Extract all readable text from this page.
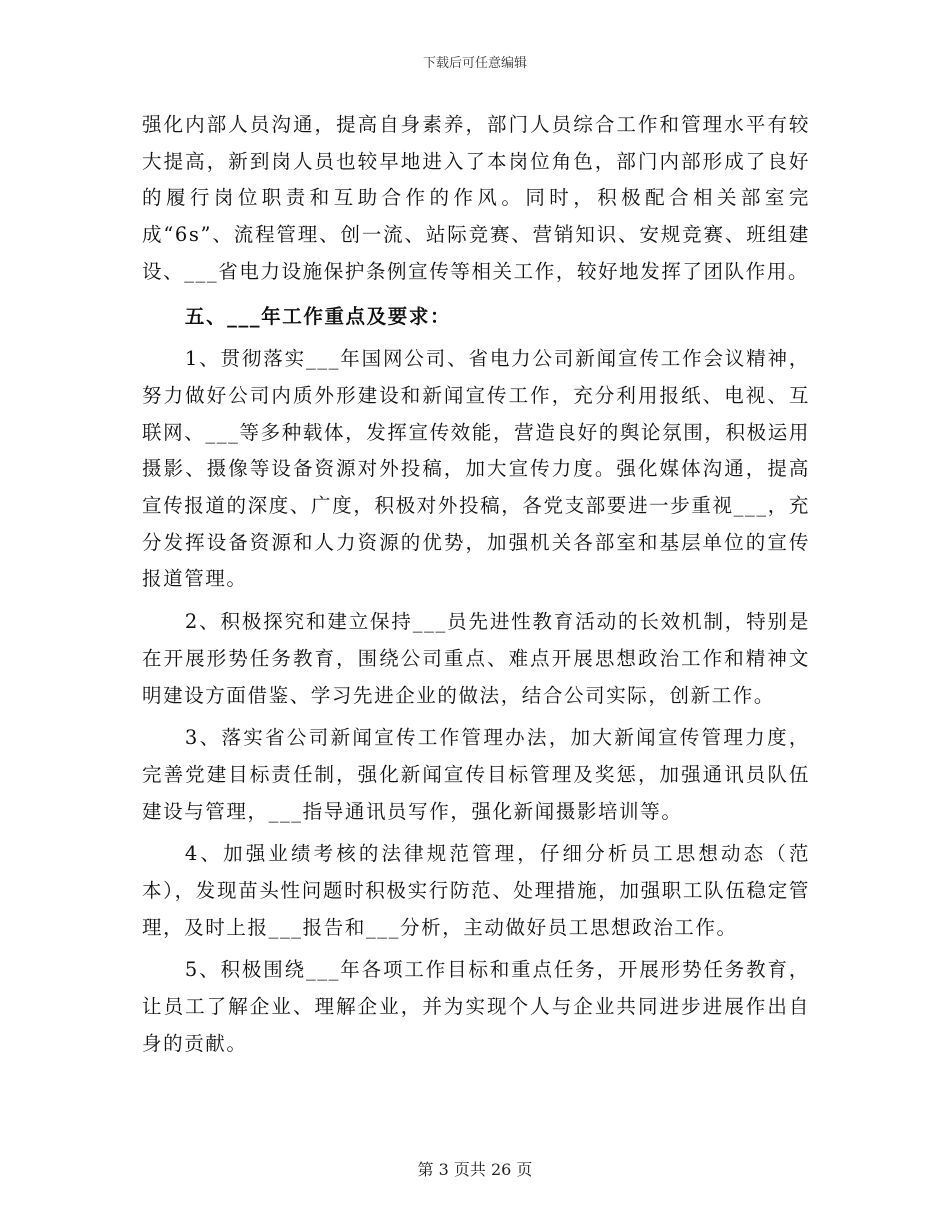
下载后可任意编辑

强化内部人员沟通，提高自身素养，部门人员综合工作和管理水平有较大提高，新到岗人员也较早地进入了本岗位角色，部门内部形成了良好的履行岗位职责和互助合作的作风。同时，积极配合相关部室完成“6s”、流程管理、创一流、站际竞赛、营销知识、安规竞赛、班组建设、___省电力设施保护条例宣传等相关工作，较好地发挥了团队作用。

五、___年工作重点及要求：

1、贯彻落实___年国网公司、省电力公司新闻宣传工作会议精神，努力做好公司内质外形建设和新闻宣传工作，充分利用报纸、电视、互联网、___等多种载体，发挥宣传效能，营造良好的舆论氛围，积极运用摄影、摄像等设备资源对外投稿，加大宣传力度。强化媒体沟通，提高宣传报道的深度、广度，积极对外投稿，各党支部要进一步重视___，充分发挥设备资源和人力资源的优势，加强机关各部室和基层单位的宣传报道管理。

2、积极探究和建立保持___员先进性教育活动的长效机制，特别是在开展形势任务教育，围绕公司重点、难点开展思想政治工作和精神文明建设方面借鉴、学习先进企业的做法，结合公司实际，创新工作。

3、落实省公司新闻宣传工作管理办法，加大新闻宣传管理力度，完善党建目标责任制，强化新闻宣传目标管理及奖惩，加强通讯员队伍建设与管理，___指导通讯员写作，强化新闻摄影培训等。

4、加强业绩考核的法律规范管理，仔细分析员工思想动态（范本），发现苗头性问题时积极实行防范、处理措施，加强职工队伍稳定管理，及时上报___报告和___分析，主动做好员工思想政治工作。

5、积极围绕___年各项工作目标和重点任务，开展形势任务教育，让员工了解企业、理解企业，并为实现个人与企业共同进步进展作出自身的贡献。

第 3 页共 26 页
